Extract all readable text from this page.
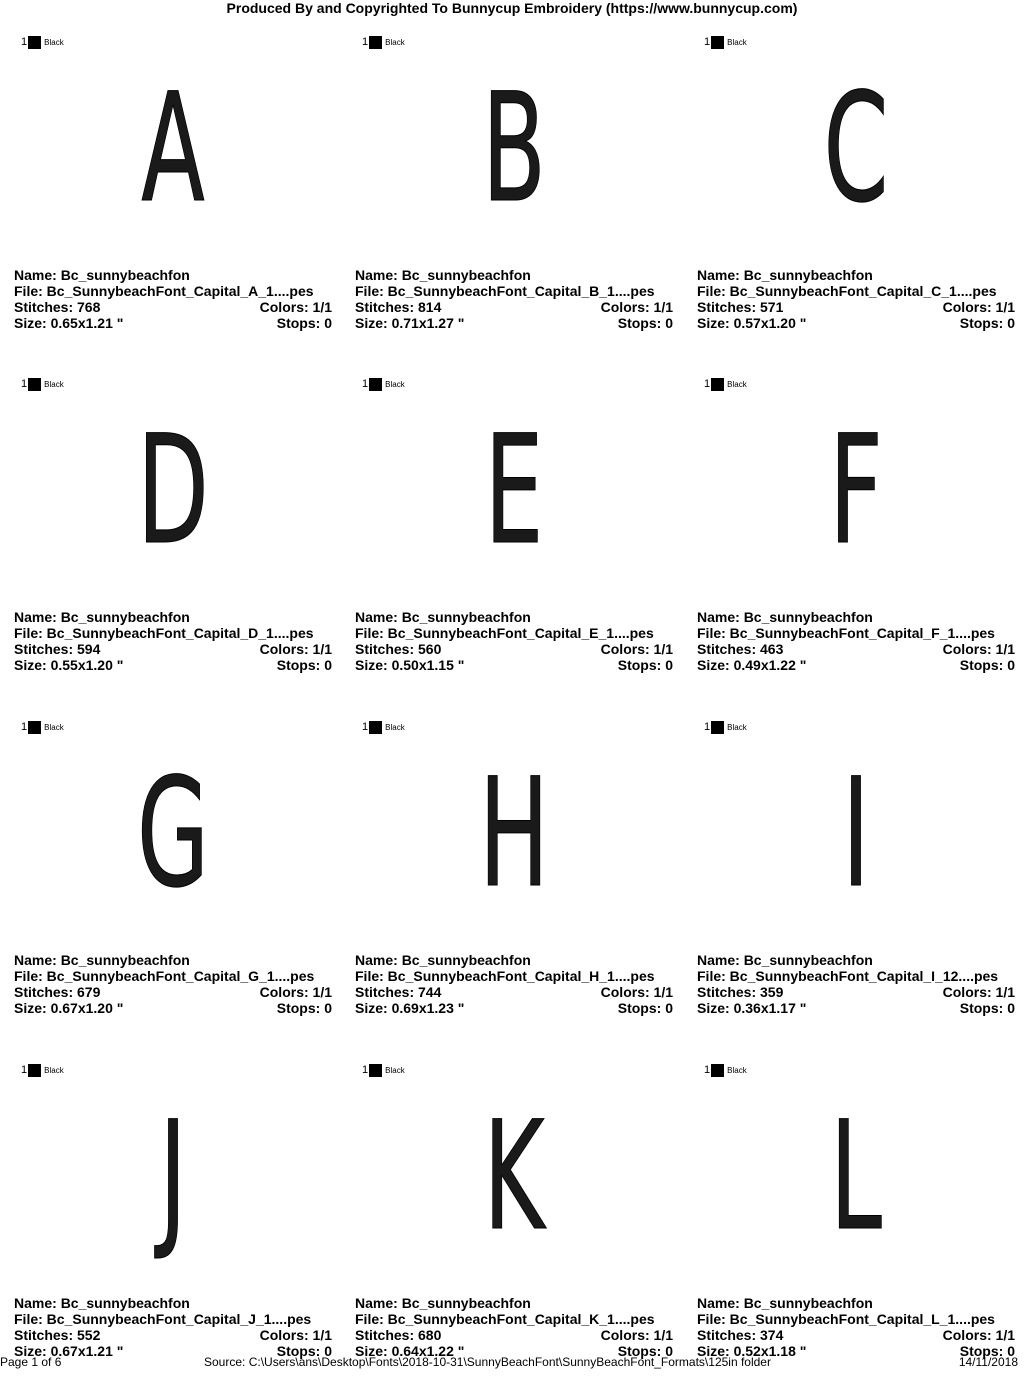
Produced By and Copyrighted To Bunnycup Embroidery (https://www.bunnycup.com)
1 Black
A
Name: Bc_sunnybeachfon
File: Bc_SunnybeachFont_Capital_A_1....pes
Stitches: 768	Colors: 1/1
Size: 0.65x1.21 "	Stops: 0
1 Black
B
Name: Bc_sunnybeachfon
File: Bc_SunnybeachFont_Capital_B_1....pes
Stitches: 814	Colors: 1/1
Size: 0.71x1.27 "	Stops: 0
1 Black
C
Name: Bc_sunnybeachfon
File: Bc_SunnybeachFont_Capital_C_1....pes
Stitches: 571	Colors: 1/1
Size: 0.57x1.20 "	Stops: 0
1 Black
D
Name: Bc_sunnybeachfon
File: Bc_SunnybeachFont_Capital_D_1....pes
Stitches: 594	Colors: 1/1
Size: 0.55x1.20 "	Stops: 0
1 Black
E
Name: Bc_sunnybeachfon
File: Bc_SunnybeachFont_Capital_E_1....pes
Stitches: 560	Colors: 1/1
Size: 0.50x1.15 "	Stops: 0
1 Black
F
Name: Bc_sunnybeachfon
File: Bc_SunnybeachFont_Capital_F_1....pes
Stitches: 463	Colors: 1/1
Size: 0.49x1.22 "	Stops: 0
1 Black
G
Name: Bc_sunnybeachfon
File: Bc_SunnybeachFont_Capital_G_1....pes
Stitches: 679	Colors: 1/1
Size: 0.67x1.20 "	Stops: 0
1 Black
H
Name: Bc_sunnybeachfon
File: Bc_SunnybeachFont_Capital_H_1....pes
Stitches: 744	Colors: 1/1
Size: 0.69x1.23 "	Stops: 0
1 Black
I
Name: Bc_sunnybeachfon
File: Bc_SunnybeachFont_Capital_I_12....pes
Stitches: 359	Colors: 1/1
Size: 0.36x1.17 "	Stops: 0
1 Black
J
Name: Bc_sunnybeachfon
File: Bc_SunnybeachFont_Capital_J_1....pes
Stitches: 552	Colors: 1/1
Size: 0.67x1.21 "	Stops: 0
1 Black
K
Name: Bc_sunnybeachfon
File: Bc_SunnybeachFont_Capital_K_1....pes
Stitches: 680	Colors: 1/1
Size: 0.64x1.22 "	Stops: 0
1 Black
L
Name: Bc_sunnybeachfon
File: Bc_SunnybeachFont_Capital_L_1....pes
Stitches: 374	Colors: 1/1
Size: 0.52x1.18 "	Stops: 0
Page 1 of 6	Source: C:\Users\ans\Desktop\Fonts\2018-10-31\SunnyBeachFont\SunnyBeachFont_Formats\125in folder	14/11/2018
